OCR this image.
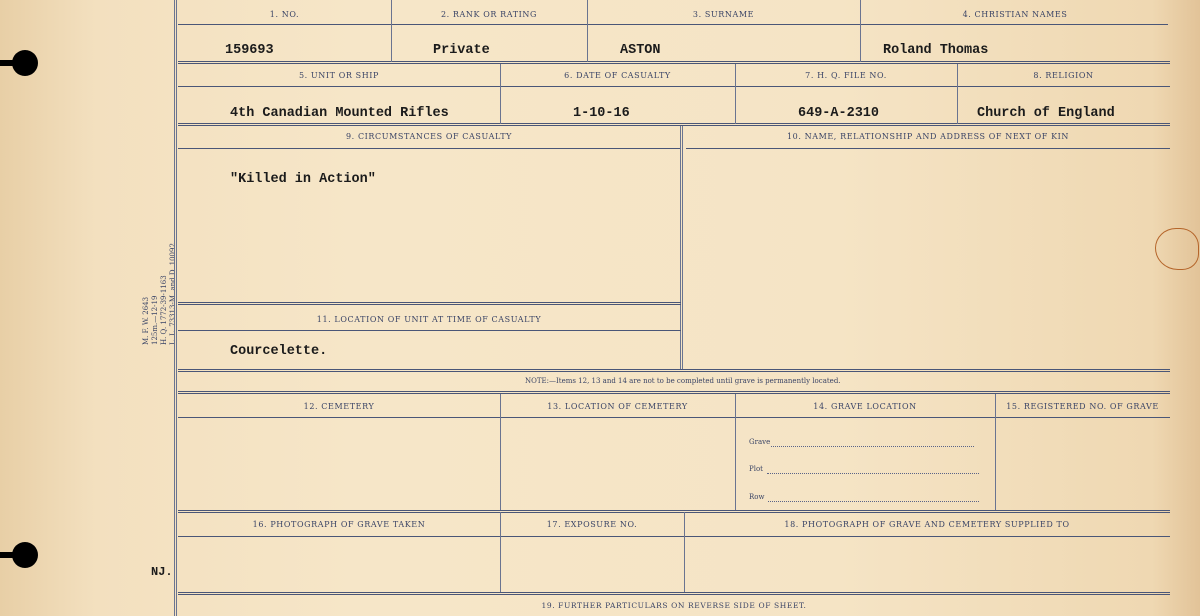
M. F. W. 2643 125m.—12-19 H. Q. 1772-39-1163 L. L. 73313-M. and D. 10092
NJ.
1. NO.	2. RANK OR RATING	3. SURNAME	4. CHRISTIAN NAMES
159693	Private	ASTON	Roland Thomas
5. UNIT OR SHIP	6. DATE OF CASUALTY	7. H. Q. FILE NO.	8. RELIGION
4th Canadian Mounted Rifles	1-10-16	649-A-2310	Church of England
9. CIRCUMSTANCES OF CASUALTY	10. NAME, RELATIONSHIP AND ADDRESS OF NEXT OF KIN
"Killed in Action"
11. LOCATION OF UNIT AT TIME OF CASUALTY
Courcelette.
NOTE:—Items 12, 13 and 14 are not to be completed until grave is permanently located.
12. CEMETERY	13. LOCATION OF CEMETERY	14. GRAVE LOCATION	15. REGISTERED NO. OF GRAVE
Grave
Plot
Row
16. PHOTOGRAPH OF GRAVE TAKEN	17. EXPOSURE NO.	18. PHOTOGRAPH OF GRAVE AND CEMETERY SUPPLIED TO
19. FURTHER PARTICULARS ON REVERSE SIDE OF SHEET.
